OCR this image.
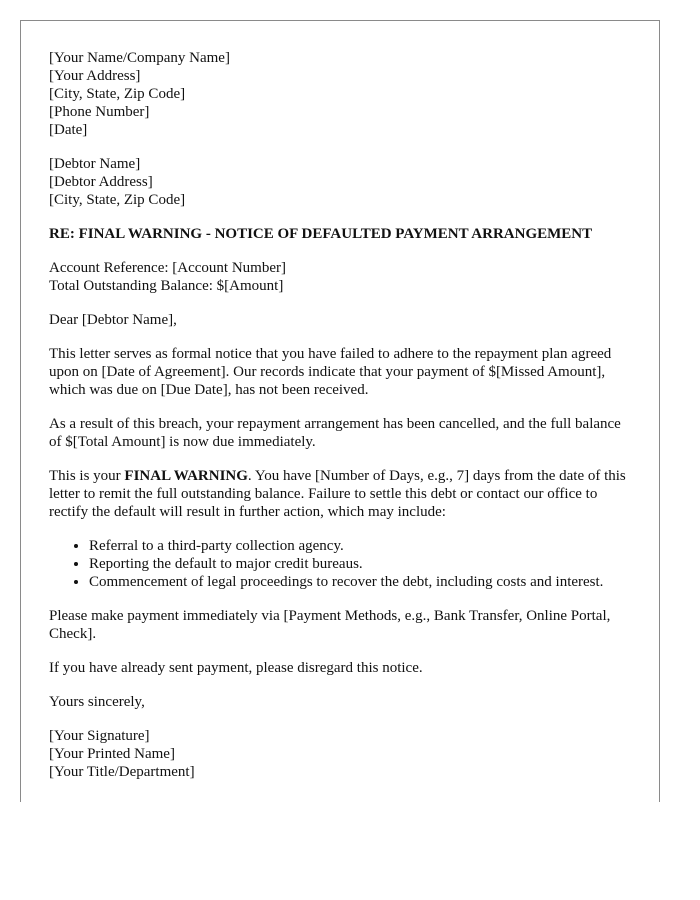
[Your Name/Company Name]
[Your Address]
[City, State, Zip Code]
[Phone Number]
[Date]
[Debtor Name]
[Debtor Address]
[City, State, Zip Code]
RE: FINAL WARNING - NOTICE OF DEFAULTED PAYMENT ARRANGEMENT
Account Reference: [Account Number]
Total Outstanding Balance: $[Amount]

Dear [Debtor Name],

This letter serves as formal notice that you have failed to adhere to the repayment plan agreed upon on [Date of Agreement]. Our records indicate that your payment of $[Missed Amount], which was due on [Due Date], has not been received.

As a result of this breach, your repayment arrangement has been cancelled, and the full balance of $[Total Amount] is now due immediately.

This is your FINAL WARNING. You have [Number of Days, e.g., 7] days from the date of this letter to remit the full outstanding balance. Failure to settle this debt or contact our office to rectify the default will result in further action, which may include:

• Referral to a third-party collection agency.
• Reporting the default to major credit bureaus.
• Commencement of legal proceedings to recover the debt, including costs and interest.

Please make payment immediately via [Payment Methods, e.g., Bank Transfer, Online Portal, Check].

If you have already sent payment, please disregard this notice.

Yours sincerely,

[Your Signature]
[Your Printed Name]
[Your Title/Department]
